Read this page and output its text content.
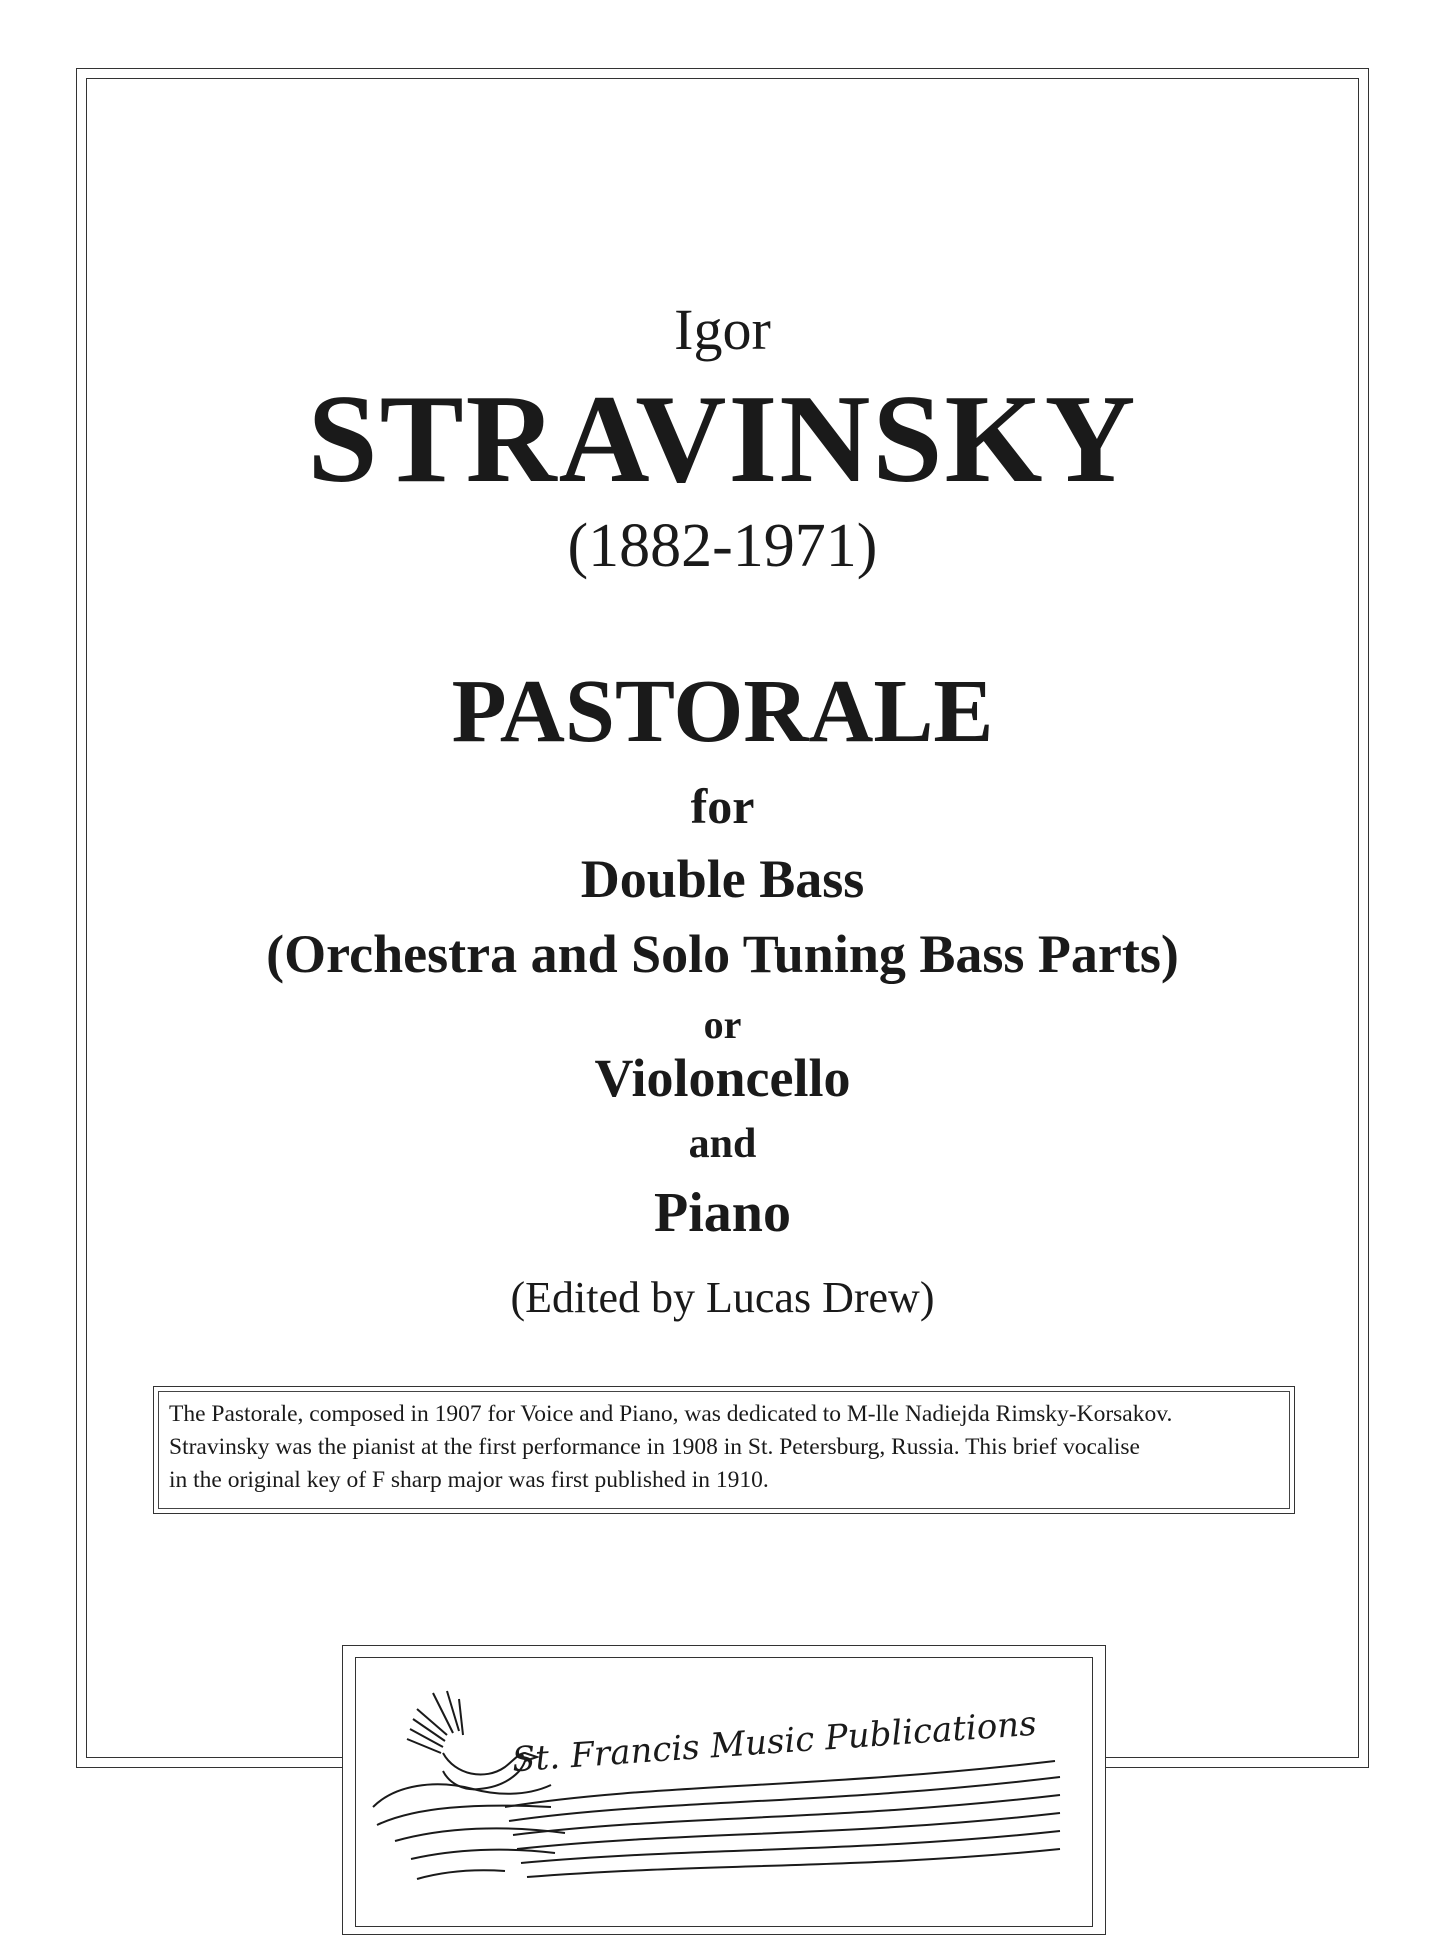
Igor
STRAVINSKY
(1882-1971)
PASTORALE
for
Double Bass
(Orchestra and Solo Tuning Bass Parts)
or
Violoncello
and
Piano
(Edited by Lucas Drew)
The Pastorale, composed in 1907 for Voice and Piano, was dedicated to M-lle Nadiejda Rimsky-Korsakov.
Stravinsky was the pianist at the first performance in 1908 in St. Petersburg, Russia. This brief vocalise
in the original key of F sharp major was first published in 1910.
St. Francis Music Publications
